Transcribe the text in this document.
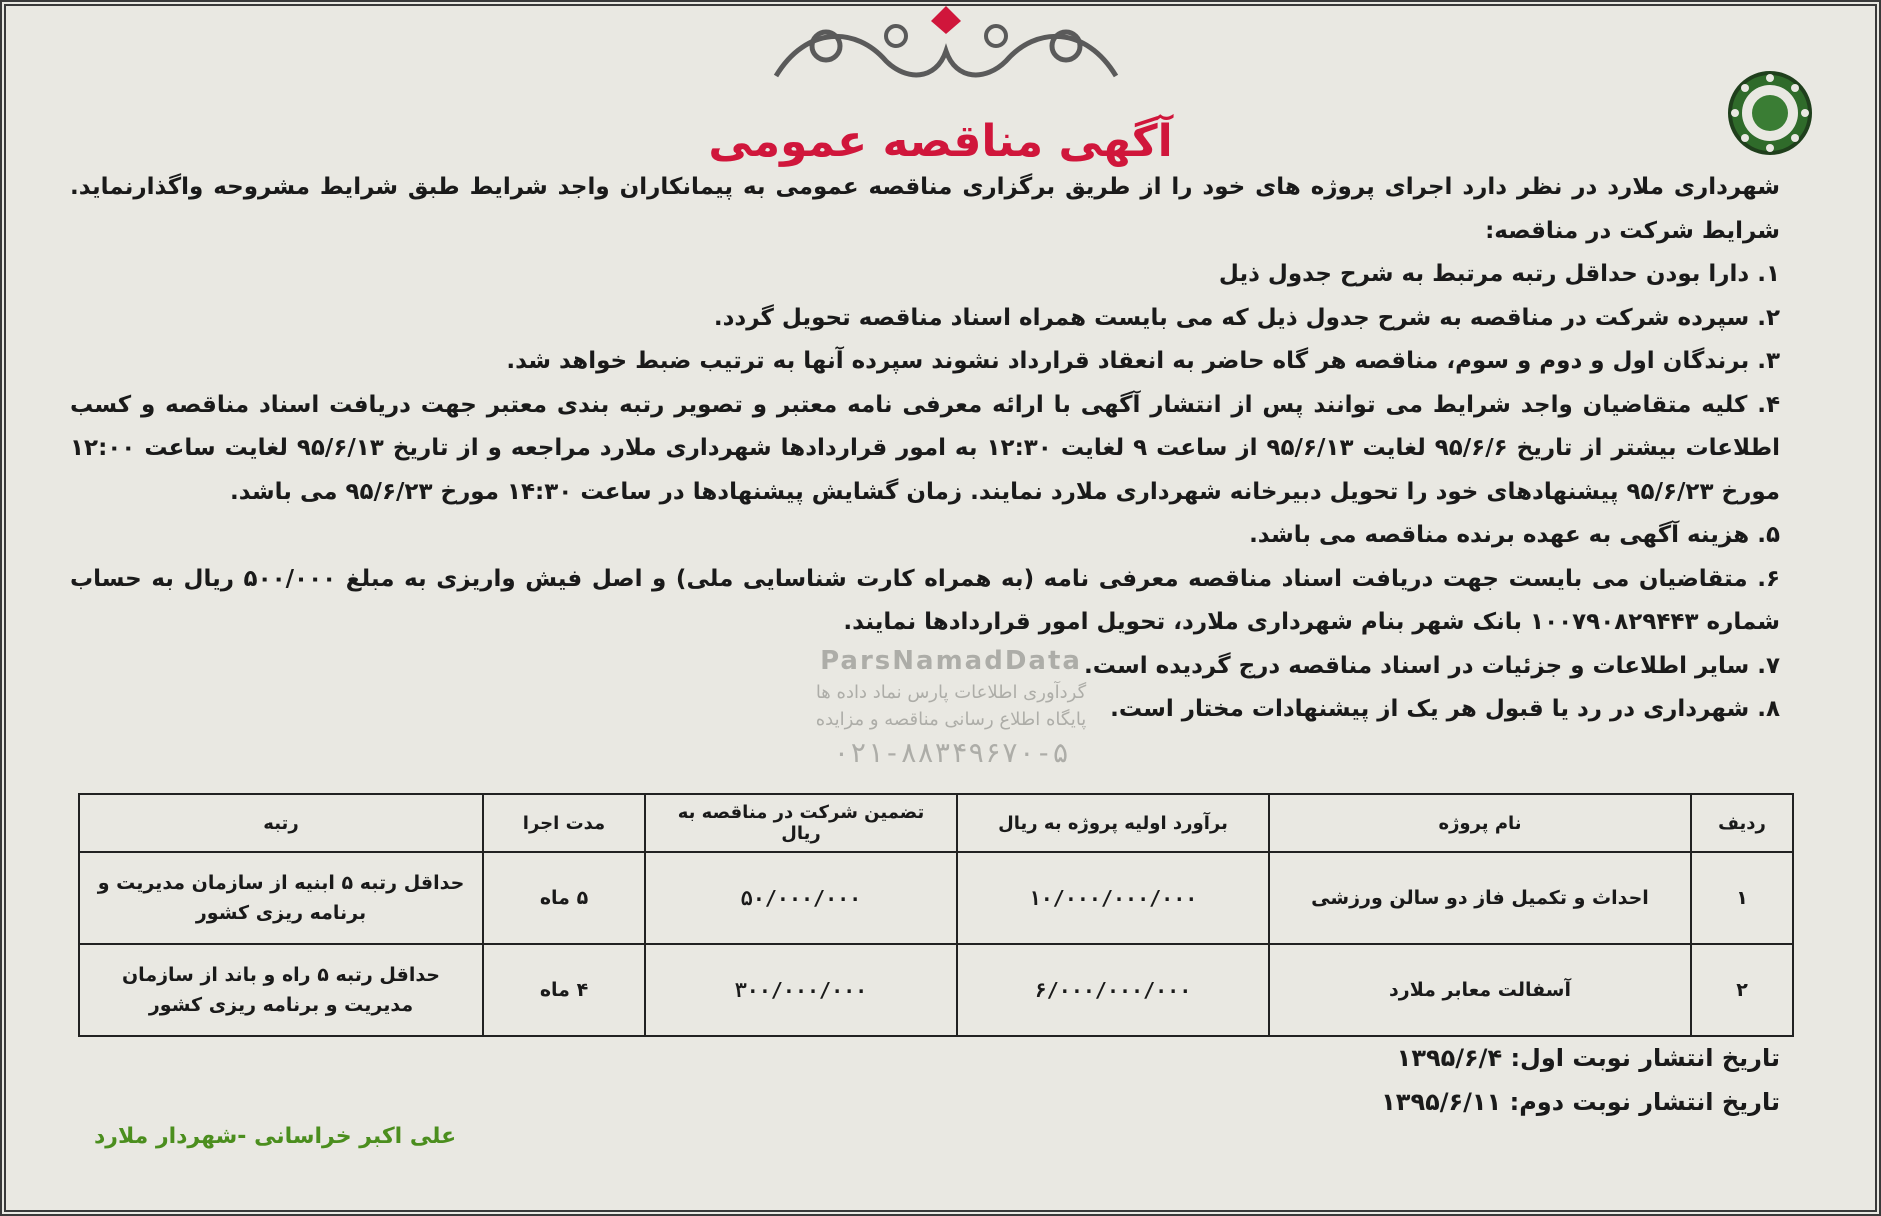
آگهی مناقصه عمومی

شهرداری ملارد در نظر دارد اجرای پروژه های خود را از طریق برگزاری مناقصه عمومی به پیمانکاران واجد شرایط طبق شرایط مشروحه واگذارنماید. شرایط شرکت در مناقصه:

۱. دارا بودن حداقل رتبه مرتبط به شرح جدول ذیل

۲. سپرده شرکت در مناقصه به شرح جدول ذیل که می بایست همراه اسناد مناقصه تحویل گردد.

۳. برندگان اول و دوم و سوم، مناقصه هر گاه حاضر به انعقاد قرارداد نشوند سپرده آنها به ترتیب ضبط خواهد شد.

۴. کلیه متقاضیان واجد شرایط می توانند پس از انتشار آگهی با ارائه معرفی نامه معتبر و تصویر رتبه بندی معتبر جهت دریافت اسناد مناقصه و کسب اطلاعات بیشتر از تاریخ ۹۵/۶/۶ لغایت ۹۵/۶/۱۳ از ساعت ۹ لغایت ۱۲:۳۰ به امور قراردادها شهرداری ملارد مراجعه و از تاریخ ۹۵/۶/۱۳ لغایت ساعت ۱۲:۰۰ مورخ ۹۵/۶/۲۳ پیشنهادهای خود را تحویل دبیرخانه شهرداری ملارد نمایند. زمان گشایش پیشنهادها در ساعت ۱۴:۳۰ مورخ ۹۵/۶/۲۳ می باشد.

۵. هزینه آگهی به عهده برنده مناقصه می باشد.

۶. متقاضیان می بایست جهت دریافت اسناد مناقصه معرفی نامه (به همراه کارت شناسایی ملی) و اصل فیش واریزی به مبلغ ۵۰۰/۰۰۰ ریال به حساب شماره ۱۰۰۷۹۰۸۲۹۴۴۳ بانک شهر بنام شهرداری ملارد، تحویل امور قراردادها نمایند.

۷. سایر اطلاعات و جزئیات در اسناد مناقصه درج گردیده است.

۸. شهرداری در رد یا قبول هر یک از پیشنهادات مختار است.

ParsNamadData
گردآوری اطلاعات پارس نماد داده ها
پایگاه اطلاع رسانی مناقصه و مزایده
۰۲۱-۸۸۳۴۹۶۷۰-۵
ردیف	نام پروژه	برآورد اولیه پروژه به ریال	تضمین شرکت در مناقصه به ریال	مدت اجرا	رتبه
۱	احداث و تکمیل فاز دو سالن ورزشی	۱۰/۰۰۰/۰۰۰/۰۰۰	۵۰/۰۰۰/۰۰۰	۵ ماه	حداقل رتبه ۵ ابنیه از سازمان مدیریت و برنامه ریزی کشور
۲	آسفالت معابر ملارد	۶/۰۰۰/۰۰۰/۰۰۰	۳۰۰/۰۰۰/۰۰۰	۴ ماه	حداقل رتبه ۵ راه و باند از سازمان مدیریت و برنامه ریزی کشور
تاریخ انتشار نوبت اول: ۱۳۹۵/۶/۴
تاریخ انتشار نوبت دوم: ۱۳۹۵/۶/۱۱
علی اکبر خراسانی -شهردار ملارد
